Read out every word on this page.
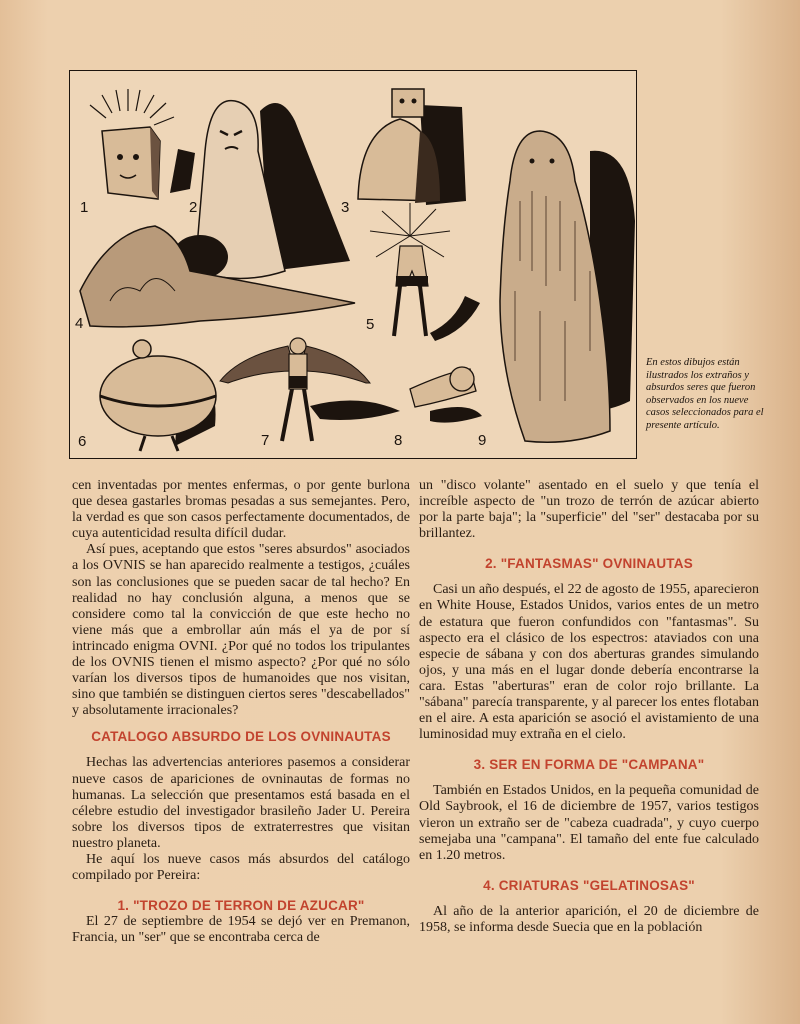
1	2	3
4	5
6	7	8	9
En estos dibujos están ilustrados los extraños y absurdos seres que fueron observados en los nueve casos seleccionados para el presente artículo.

cen inventadas por mentes enfermas, o por gente burlona que desea gastarles bromas pesadas a sus semejantes. Pero, la verdad es que son casos perfectamente documentados, de cuya autenticidad resulta difícil dudar.

Así pues, aceptando que estos "seres absurdos" asociados a los OVNIS se han aparecido realmente a testigos, ¿cuáles son las conclusiones que se pueden sacar de tal hecho? En realidad no hay conclusión alguna, a menos que se considere como tal la convicción de que este hecho no viene más que a embrollar aún más el ya de por sí intrincado enigma OVNI. ¿Por qué no todos los tripulantes de los OVNIS tienen el mismo aspecto? ¿Por qué no sólo varían los diversos tipos de humanoides que nos visitan, sino que también se distinguen ciertos seres "descabellados" y absolutamente irracionales?

CATALOGO ABSURDO DE LOS OVNINAUTAS

Hechas las advertencias anteriores pasemos a considerar nueve casos de apariciones de ovninautas de formas no humanas. La selección que presentamos está basada en el célebre estudio del investigador brasileño Jader U. Pereira sobre los diversos tipos de extraterrestres que visitan nuestro planeta.

He aquí los nueve casos más absurdos del catálogo compilado por Pereira:

1. "TROZO DE TERRON DE AZUCAR"

El 27 de septiembre de 1954 se dejó ver en Premanon, Francia, un "ser" que se encontraba cerca de

un "disco volante" asentado en el suelo y que tenía el increíble aspecto de "un trozo de terrón de azúcar abierto por la parte baja"; la "superficie" del "ser" destacaba por su brillantez.

2. "FANTASMAS" OVNINAUTAS

Casi un año después, el 22 de agosto de 1955, aparecieron en White House, Estados Unidos, varios entes de un metro de estatura que fueron confundidos con "fantasmas". Su aspecto era el clásico de los espectros: ataviados con una especie de sábana y con dos aberturas grandes simulando ojos, y una más en el lugar donde debería encontrarse la cara. Estas "aberturas" eran de color rojo brillante. La "sábana" parecía transparente, y al parecer los entes flotaban en el aire. A esta aparición se asoció el avistamiento de una luminosidad muy extraña en el cielo.

3. SER EN FORMA DE "CAMPANA"

También en Estados Unidos, en la pequeña comunidad de Old Saybrook, el 16 de diciembre de 1957, varios testigos vieron un extraño ser de "cabeza cuadrada", y cuyo cuerpo semejaba una "campana". El tamaño del ente fue calculado en 1.20 metros.

4. CRIATURAS "GELATINOSAS"

Al año de la anterior aparición, el 20 de diciembre de 1958, se informa desde Suecia que en la población
